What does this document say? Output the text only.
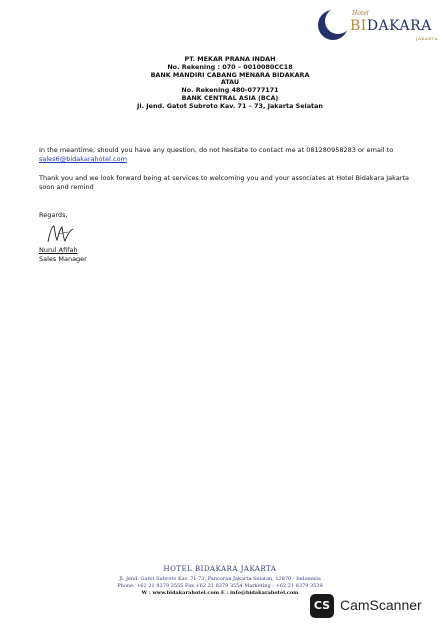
Hotel
BIDAKARA
JAKARTA
PT. MEKAR PRANA INDAH
No. Rekening : 070 – 0010080CC18
BANK MANDIRI CABANG MENARA BIDAKARA
ATAU
No. Rekening 480-0777171
BANK CENTRAL ASIA (BCA)
Jl. Jend. Gatot Subroto Kav. 71 – 73, Jakarta Selatan
In the meantime, should you have any question, do not hesitate to contact me at 081280958283 or email to sales6@bidakarahotel.com
Thank you and we look forward being at services to welcoming you and your associates at Hotel Bidakara Jakarta soon and remind
Regards,
Nurul Afifah
Sales Manager
HOTEL BIDAKARA JAKARTA
Jl. Jend. Gatot Subroto Kav. 71-73, Pancoran Jakarta Selatan, 12870 - Indonesia
Phone. +62 21 8379 3555 Fax.+62 21 8379 3554 Marketing : +62 21 8379 3539
W : www.bidakarahotel.com E : info@bidakarahotel.com
CS CamScanner
